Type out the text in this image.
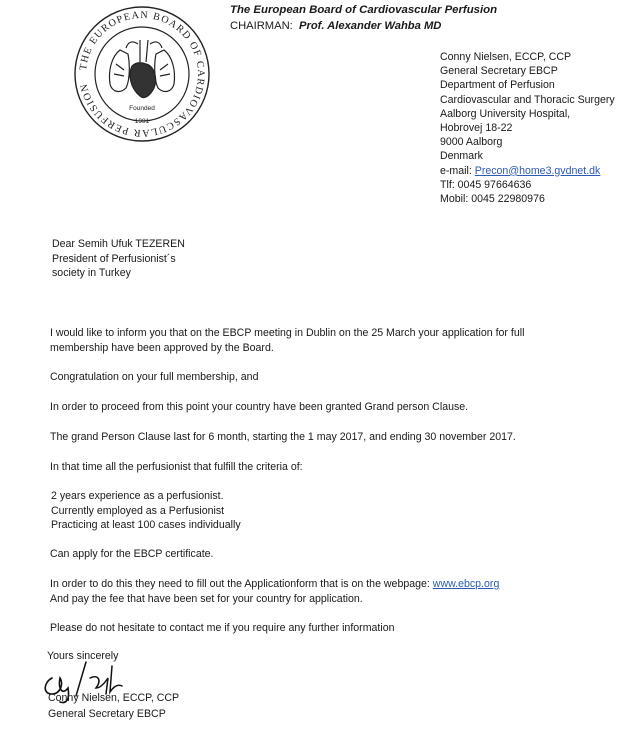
THE EUROPEAN BOARD OF CARDIOVASCULAR PERFUSION
Founded
1991
The European Board of Cardiovascular Perfusion
CHAIRMAN: Prof. Alexander Wahba MD
Conny Nielsen, ECCP, CCP
General Secretary EBCP
Department of Perfusion
Cardiovascular and Thoracic Surgery
Aalborg University Hospital,
Hobrovej 18-22
9000 Aalborg
Denmark
e-mail: Precon@home3.gvdnet.dk
Tlf: 0045 97664636
Mobil: 0045 22980976
Dear Semih Ufuk TEZEREN
President of Perfusionist´s
society in Turkey
I would like to inform you that on the EBCP meeting in Dublin on the 25 March your application for full
membership have been approved by the Board.
Congratulation on your full membership, and
In order to proceed from this point your country have been granted Grand person Clause.
The grand Person Clause last for 6 month, starting the 1 may 2017, and ending 30 november 2017.
In that time all the perfusionist that fulfill the criteria of:
2 years experience as a perfusionist.
Currently employed as a Perfusionist
Practicing at least 100 cases individually
Can apply for the EBCP certificate.
In order to do this they need to fill out the Applicationform that is on the webpage: www.ebcp.org
And pay the fee that have been set for your country for application.
Please do not hesitate to contact me if you require any further information
Yours sincerely
Conny Nielsen, ECCP, CCP
General Secretary EBCP
